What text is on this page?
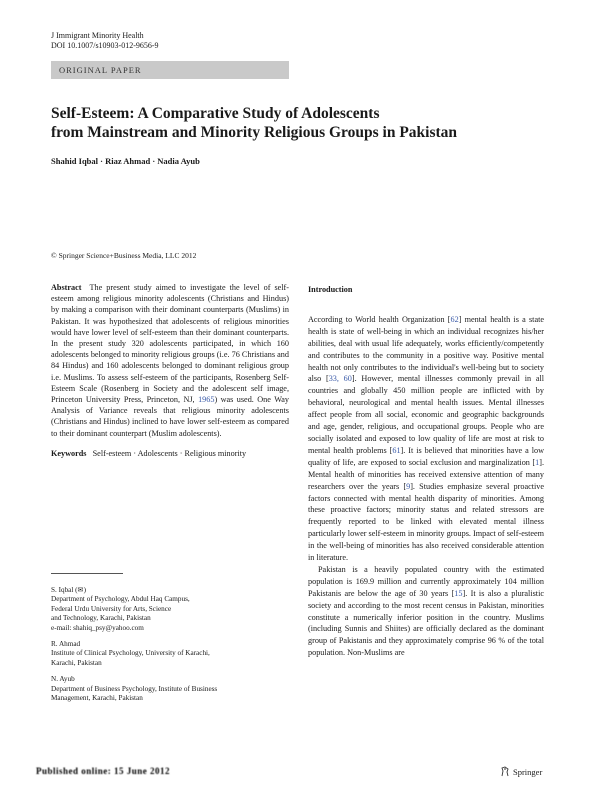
J Immigrant Minority Health
DOI 10.1007/s10903-012-9656-9
ORIGINAL PAPER
Self-Esteem: A Comparative Study of Adolescents
from Mainstream and Minority Religious Groups in Pakistan
Shahid Iqbal · Riaz Ahmad · Nadia Ayub
© Springer Science+Business Media, LLC 2012

Abstract The present study aimed to investigate the level of self-esteem among religious minority adolescents (Christians and Hindus) by making a comparison with their dominant counterparts (Muslims) in Pakistan. It was hypothesized that adolescents of religious minorities would have lower level of self-esteem than their dominant counterparts. In the present study 320 adolescents participated, in which 160 adolescents belonged to minority religious groups (i.e. 76 Christians and 84 Hindus) and 160 adolescents belonged to dominant religious group i.e. Muslims. To assess self-esteem of the participants, Rosenberg Self-Esteem Scale (Rosenberg in Society and the adolescent self image, Princeton University Press, Princeton, NJ, 1965) was used. One Way Analysis of Variance reveals that religious minority adolescents (Christians and Hindus) inclined to have lower self-esteem as compared to their dominant counterpart (Muslim adolescents).

Keywords Self-esteem · Adolescents · Religious minority

S. Iqbal (✉)
Department of Psychology, Abdul Haq Campus,
Federal Urdu University for Arts, Science
and Technology, Karachi, Pakistan
e-mail: shahiq_psy@yahoo.com

R. Ahmad
Institute of Clinical Psychology, University of Karachi,
Karachi, Pakistan

N. Ayub
Department of Business Psychology, Institute of Business
Management, Karachi, Pakistan

Introduction

According to World health Organization [62] mental health is a state health is state of well-being in which an individual recognizes his/her abilities, deal with usual life adequately, works efficiently/competently and contributes to the community in a positive way. Positive mental health not only contributes to the individual's well-being but to society also [33, 60]. However, mental illnesses commonly prevail in all countries and globally 450 million people are inflicted with by behavioral, neurological and mental health issues. Mental illnesses affect people from all social, economic and geographic backgrounds and age, gender, religious, and occupational groups. People who are socially isolated and exposed to low quality of life are most at risk to mental health problems [61]. It is believed that minorities have a low quality of life, are exposed to social exclusion and marginalization [1]. Mental health of minorities has received extensive attention of many researchers over the years [9]. Studies emphasize several proactive factors connected with mental health disparity of minorities. Among these proactive factors; minority status and related stressors are frequently reported to be linked with elevated mental illness particularly lower self-esteem in minority groups. Impact of self-esteem in the well-being of minorities has also received considerable attention in literature.

Pakistan is a heavily populated country with the estimated population is 169.9 million and currently approximately 104 million Pakistanis are below the age of 30 years [15]. It is also a pluralistic society and according to the most recent census in Pakistan, minorities constitute a numerically inferior position in the country. Muslims (including Sunnis and Shiites) are officially declared as the dominant group of Pakistanis and they approximately comprise 96 % of the total population. Non-Muslims are

Published online: 15 June 2012	Springer
